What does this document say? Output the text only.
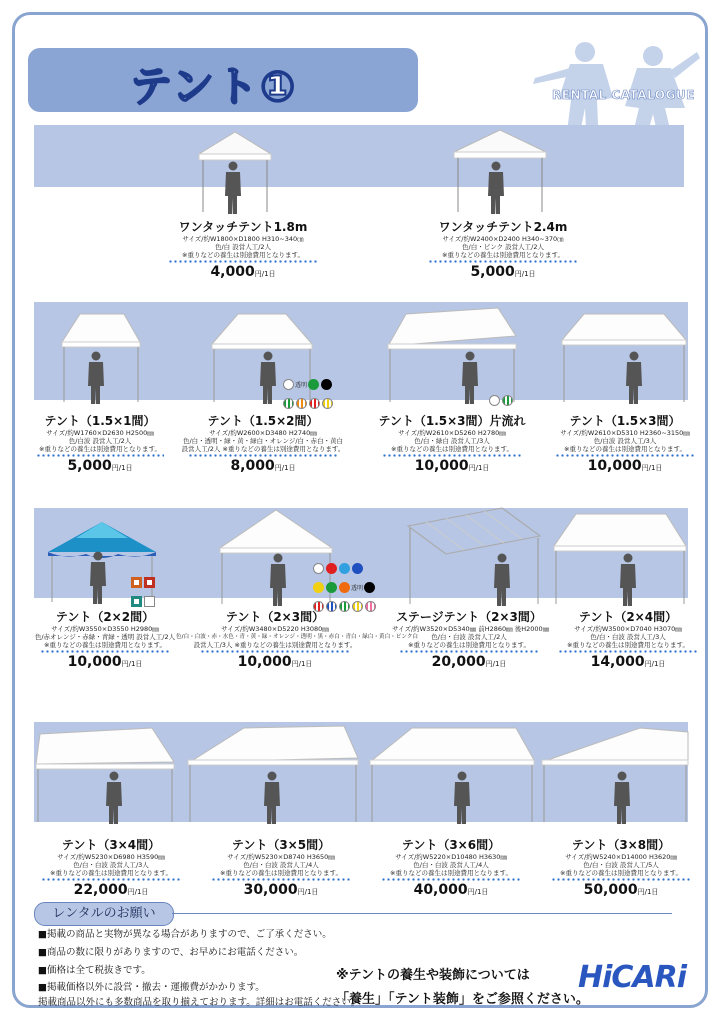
テント①	RENTAL CATALOGUE
透明

透明

ワンタッチテント1.8m
サイズ/約W1800×D1800 H310~340㎝
色/白 設営人工/2人
※重りなどの養生は別途費用となります。
4,000円/1日
ワンタッチテント2.4m
サイズ/約W2400×D2400 H340~370㎝
色/白・ピンク 設営人工/2人
※重りなどの養生は別途費用となります。
5,000円/1日
テント（1.5×1間）
サイズ/約W1760×D2630 H2500㎜
色/白波 設営人工/2人
※重りなどの養生は別途費用となります。
5,000円/1日
テント（1.5×2間）
サイズ/約W2600×D3480 H2740㎜
色/白・透明・緑・黄・緑白・オレンジ/白・赤白・黄白
設営人工/2人 ※重りなどの養生は別途費用となります。
8,000円/1日
テント（1.5×3間）片流れ
サイズ/約W2610×D5260 H2780㎜
色/白・緑白 設営人工/3人
※重りなどの養生は別途費用となります。
10,000円/1日
テント（1.5×3間）
サイズ/約W2610×D5310 H2360~3150㎜
色/白波 設営人工/3人
※重りなどの養生は別途費用となります。
10,000円/1日
テント（2×2間）
サイズ/約W3550×D3550 H2980㎜
色/赤オレンジ・赤緑・青緑・透明 設営人工/2人
※重りなどの養生は別途費用となります。
10,000円/1日
テント（2×3間）
サイズ/約W3480×D5220 H3080㎜
色/白・白波・赤・水色・青・黄・緑・オレンジ・透明・黒・赤白・青白・緑白・黄白・ピンク白
設営人工/3人 ※重りなどの養生は別途費用となります。
10,000円/1日
ステージテント（2×3間）
サイズ/約W3520×D5340㎜ 前H2860㎜ 後H2000㎜
色/白・白波 設営人工/2人
※重りなどの養生は別途費用となります。
20,000円/1日
テント（2×4間）
サイズ/約W3500×D7040 H3070㎜
色/白・白波 設営人工/3人
※重りなどの養生は別途費用となります。
14,000円/1日
テント（3×4間）
サイズ/約W5230×D6980 H3590㎜
色/白・白波 設営人工/3人
※重りなどの養生は別途費用となります。
22,000円/1日
テント（3×5間）
サイズ/約W5230×D8740 H3650㎜
色/白・白波 設営人工/4人
※重りなどの養生は別途費用となります。
30,000円/1日
テント（3×6間）
サイズ/約W5220×D10480 H3630㎜
色/白・白波 設営人工/4人
※重りなどの養生は別途費用となります。
40,000円/1日
テント（3×8間）
サイズ/約W5240×D14000 H3620㎜
色/白・白波 設営人工/5人
※重りなどの養生は別途費用となります。
50,000円/1日
レンタルのお願い
■掲載の商品と実物が異なる場合がありますので、ご了承ください。
■商品の数に限りがありますので、お早めにお電話ください。
■価格は全て税抜きです。
■掲載価格以外に設営・撤去・運搬費がかかります。
掲載商品以外にも多数商品を取り揃えております。詳細はお電話ください。
※テントの養生や装飾については
「養生」「テント装飾」をご参照ください。
HiCARi
